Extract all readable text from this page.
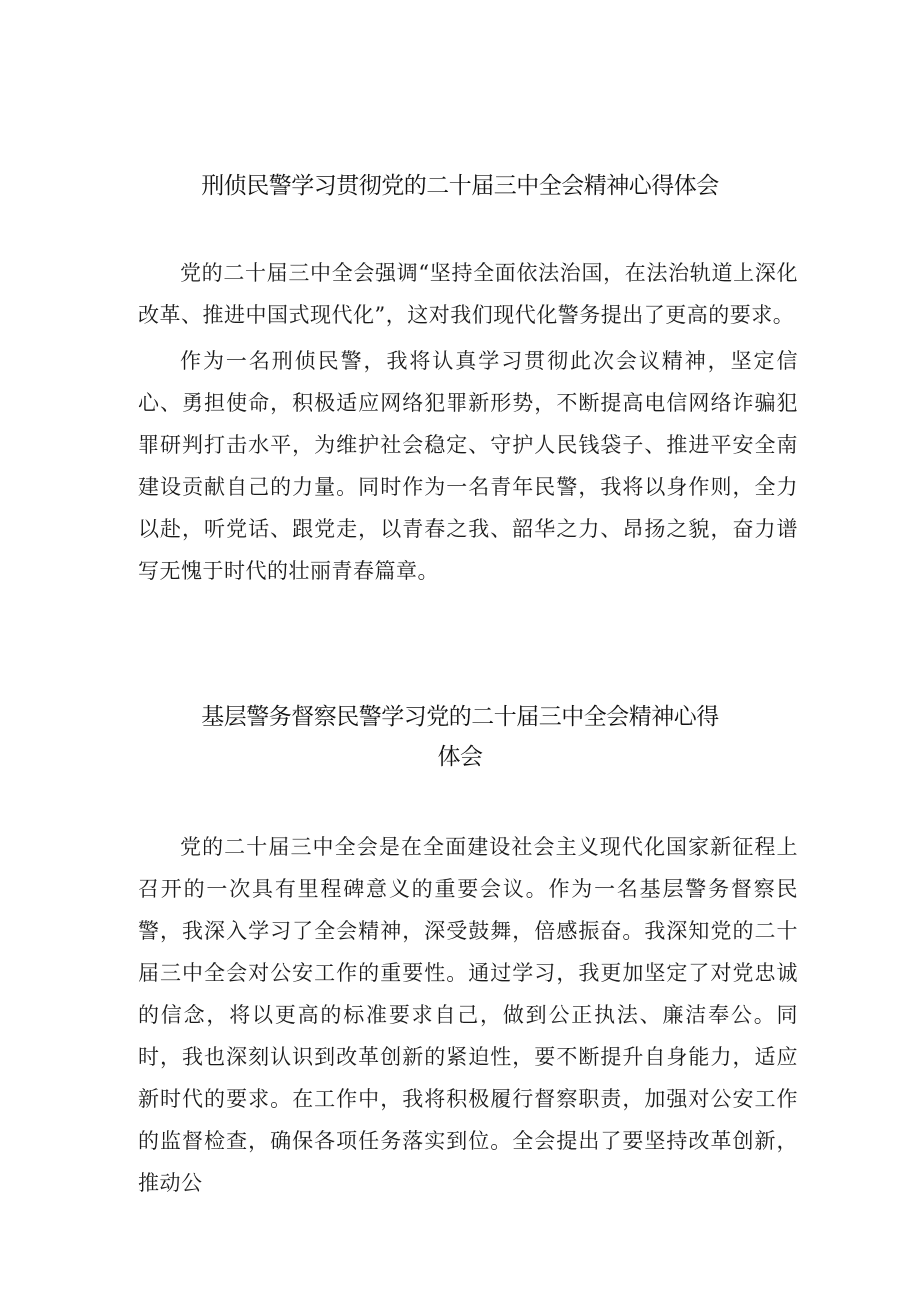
刑侦民警学习贯彻党的二十届三中全会精神心得体会

党的二十届三中全会强调“坚持全面依法治国，在法治轨道上深化改革、推进中国式现代化”，这对我们现代化警务提出了更高的要求。

作为一名刑侦民警，我将认真学习贯彻此次会议精神，坚定信心、勇担使命，积极适应网络犯罪新形势，不断提高电信网络诈骗犯罪研判打击水平，为维护社会稳定、守护人民钱袋子、推进平安全南建设贡献自己的力量。同时作为一名青年民警，我将以身作则，全力以赴，听党话、跟党走，以青春之我、韶华之力、昂扬之貌，奋力谱写无愧于时代的壮丽青春篇章。

基层警务督察民警学习党的二十届三中全会精神心得
体会

党的二十届三中全会是在全面建设社会主义现代化国家新征程上召开的一次具有里程碑意义的重要会议。作为一名基层警务督察民警，我深入学习了全会精神，深受鼓舞，倍感振奋。我深知党的二十届三中全会对公安工作的重要性。通过学习，我更加坚定了对党忠诚的信念，将以更高的标准要求自己，做到公正执法、廉洁奉公。同时，我也深刻认识到改革创新的紧迫性，要不断提升自身能力，适应新时代的要求。在工作中，我将积极履行督察职责，加强对公安工作的监督检查，确保各项任务落实到位。全会提出了要坚持改革创新，推动公
